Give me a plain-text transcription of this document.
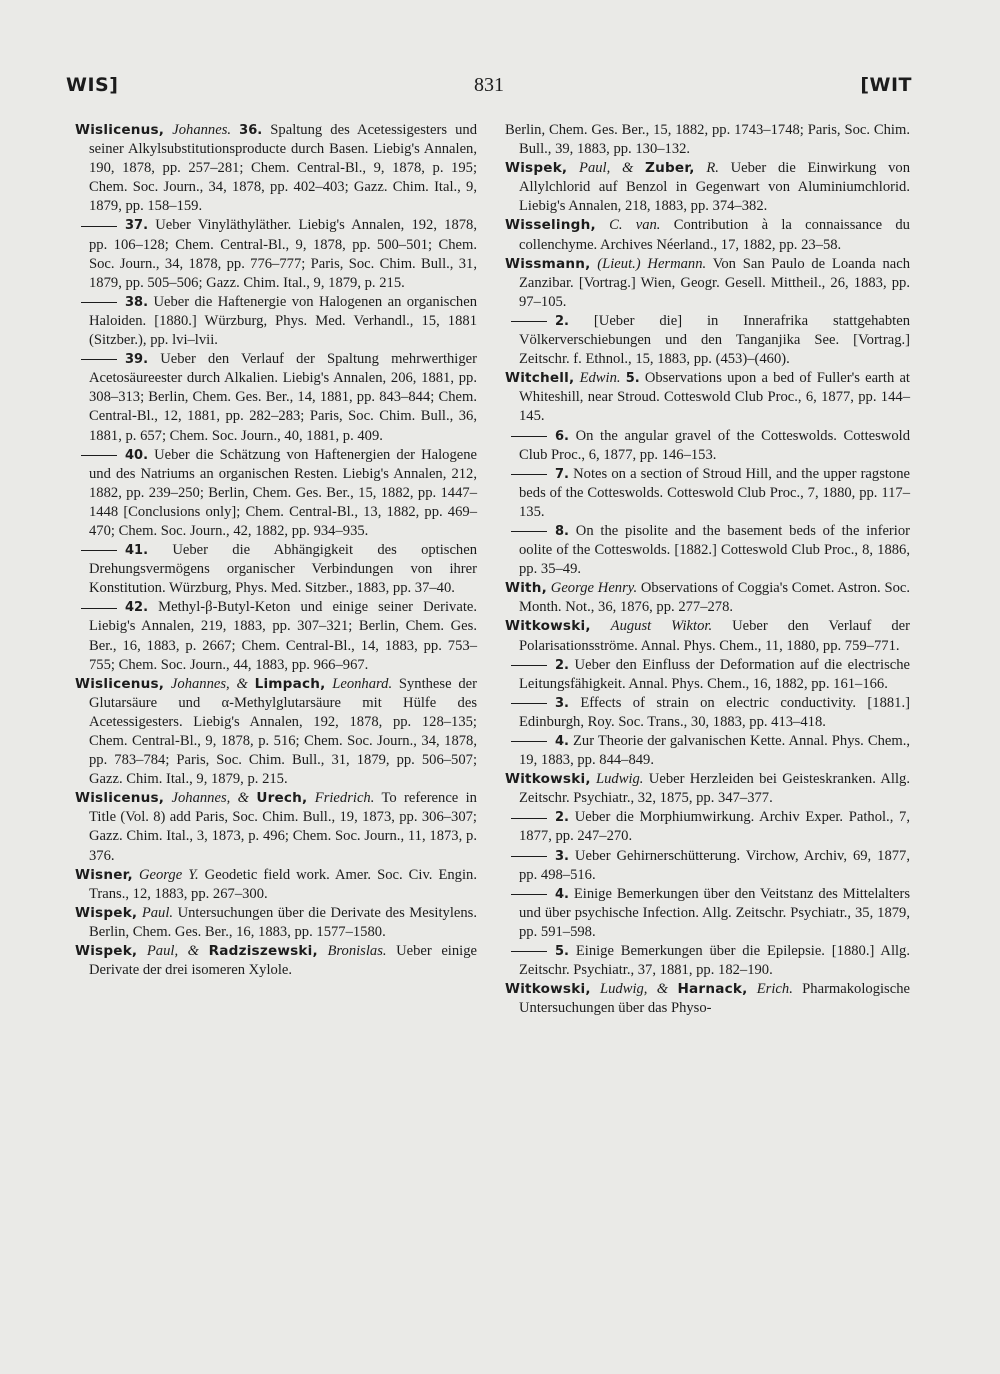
WIS]	831	[WIT

Wislicenus, Johannes. 36. Spaltung des Acetessigesters und seiner Alkylsubstitutionsproducte durch Basen. Liebig's Annalen, 190, 1878, pp. 257–281; Chem. Central-Bl., 9, 1878, p. 195; Chem. Soc. Journ., 34, 1878, pp. 402–403; Gazz. Chim. Ital., 9, 1879, pp. 158–159.

37. Ueber Vinyläthyläther. Liebig's Annalen, 192, 1878, pp. 106–128; Chem. Central-Bl., 9, 1878, pp. 500–501; Chem. Soc. Journ., 34, 1878, pp. 776–777; Paris, Soc. Chim. Bull., 31, 1879, pp. 505–506; Gazz. Chim. Ital., 9, 1879, p. 215.

38. Ueber die Haftenergie von Halogenen an organischen Haloiden. [1880.] Würzburg, Phys. Med. Verhandl., 15, 1881 (Sitzber.), pp. lvi–lvii.

39. Ueber den Verlauf der Spaltung mehrwerthiger Acetosäureester durch Alkalien. Liebig's Annalen, 206, 1881, pp. 308–313; Berlin, Chem. Ges. Ber., 14, 1881, pp. 843–844; Chem. Central-Bl., 12, 1881, pp. 282–283; Paris, Soc. Chim. Bull., 36, 1881, p. 657; Chem. Soc. Journ., 40, 1881, p. 409.

40. Ueber die Schätzung von Haftenergien der Halogene und des Natriums an organischen Resten. Liebig's Annalen, 212, 1882, pp. 239–250; Berlin, Chem. Ges. Ber., 15, 1882, pp. 1447–1448 [Conclusions only]; Chem. Central-Bl., 13, 1882, pp. 469–470; Chem. Soc. Journ., 42, 1882, pp. 934–935.

41. Ueber die Abhängigkeit des optischen Drehungsvermögens organischer Verbindungen von ihrer Konstitution. Würzburg, Phys. Med. Sitzber., 1883, pp. 37–40.

42. Methyl-β-Butyl-Keton und einige seiner Derivate. Liebig's Annalen, 219, 1883, pp. 307–321; Berlin, Chem. Ges. Ber., 16, 1883, p. 2667; Chem. Central-Bl., 14, 1883, pp. 753–755; Chem. Soc. Journ., 44, 1883, pp. 966–967.

Wislicenus, Johannes, & Limpach, Leonhard. Synthese der Glutarsäure und α-Methylglutarsäure mit Hülfe des Acetessigesters. Liebig's Annalen, 192, 1878, pp. 128–135; Chem. Central-Bl., 9, 1878, p. 516; Chem. Soc. Journ., 34, 1878, pp. 783–784; Paris, Soc. Chim. Bull., 31, 1879, pp. 506–507; Gazz. Chim. Ital., 9, 1879, p. 215.

Wislicenus, Johannes, & Urech, Friedrich. To reference in Title (Vol. 8) add Paris, Soc. Chim. Bull., 19, 1873, pp. 306–307; Gazz. Chim. Ital., 3, 1873, p. 496; Chem. Soc. Journ., 11, 1873, p. 376.

Wisner, George Y. Geodetic field work. Amer. Soc. Civ. Engin. Trans., 12, 1883, pp. 267–300.

Wispek, Paul. Untersuchungen über die Derivate des Mesitylens. Berlin, Chem. Ges. Ber., 16, 1883, pp. 1577–1580.

Wispek, Paul, & Radziszewski, Bronislas. Ueber einige Derivate der drei isomeren Xylole.

Berlin, Chem. Ges. Ber., 15, 1882, pp. 1743–1748; Paris, Soc. Chim. Bull., 39, 1883, pp. 130–132.

Wispek, Paul, & Zuber, R. Ueber die Einwirkung von Allylchlorid auf Benzol in Gegenwart von Aluminiumchlorid. Liebig's Annalen, 218, 1883, pp. 374–382.

Wisselingh, C. van. Contribution à la connaissance du collenchyme. Archives Néerland., 17, 1882, pp. 23–58.

Wissmann, (Lieut.) Hermann. Von San Paulo de Loanda nach Zanzibar. [Vortrag.] Wien, Geogr. Gesell. Mittheil., 26, 1883, pp. 97–105.

2. [Ueber die] in Innerafrika stattgehabten Völkerverschiebungen und den Tanganjika See. [Vortrag.] Zeitschr. f. Ethnol., 15, 1883, pp. (453)–(460).

Witchell, Edwin. 5. Observations upon a bed of Fuller's earth at Whiteshill, near Stroud. Cotteswold Club Proc., 6, 1877, pp. 144–145.

6. On the angular gravel of the Cotteswolds. Cotteswold Club Proc., 6, 1877, pp. 146–153.

7. Notes on a section of Stroud Hill, and the upper ragstone beds of the Cotteswolds. Cotteswold Club Proc., 7, 1880, pp. 117–135.

8. On the pisolite and the basement beds of the inferior oolite of the Cotteswolds. [1882.] Cotteswold Club Proc., 8, 1886, pp. 35–49.

With, George Henry. Observations of Coggia's Comet. Astron. Soc. Month. Not., 36, 1876, pp. 277–278.

Witkowski, August Wiktor. Ueber den Verlauf der Polarisationsströme. Annal. Phys. Chem., 11, 1880, pp. 759–771.

2. Ueber den Einfluss der Deformation auf die electrische Leitungsfähigkeit. Annal. Phys. Chem., 16, 1882, pp. 161–166.

3. Effects of strain on electric conductivity. [1881.] Edinburgh, Roy. Soc. Trans., 30, 1883, pp. 413–418.

4. Zur Theorie der galvanischen Kette. Annal. Phys. Chem., 19, 1883, pp. 844–849.

Witkowski, Ludwig. Ueber Herzleiden bei Geisteskranken. Allg. Zeitschr. Psychiatr., 32, 1875, pp. 347–377.

2. Ueber die Morphiumwirkung. Archiv Exper. Pathol., 7, 1877, pp. 247–270.

3. Ueber Gehirnerschütterung. Virchow, Archiv, 69, 1877, pp. 498–516.

4. Einige Bemerkungen über den Veitstanz des Mittelalters und über psychische Infection. Allg. Zeitschr. Psychiatr., 35, 1879, pp. 591–598.

5. Einige Bemerkungen über die Epilepsie. [1880.] Allg. Zeitschr. Psychiatr., 37, 1881, pp. 182–190.

Witkowski, Ludwig, & Harnack, Erich. Pharmakologische Untersuchungen über das Physo-
